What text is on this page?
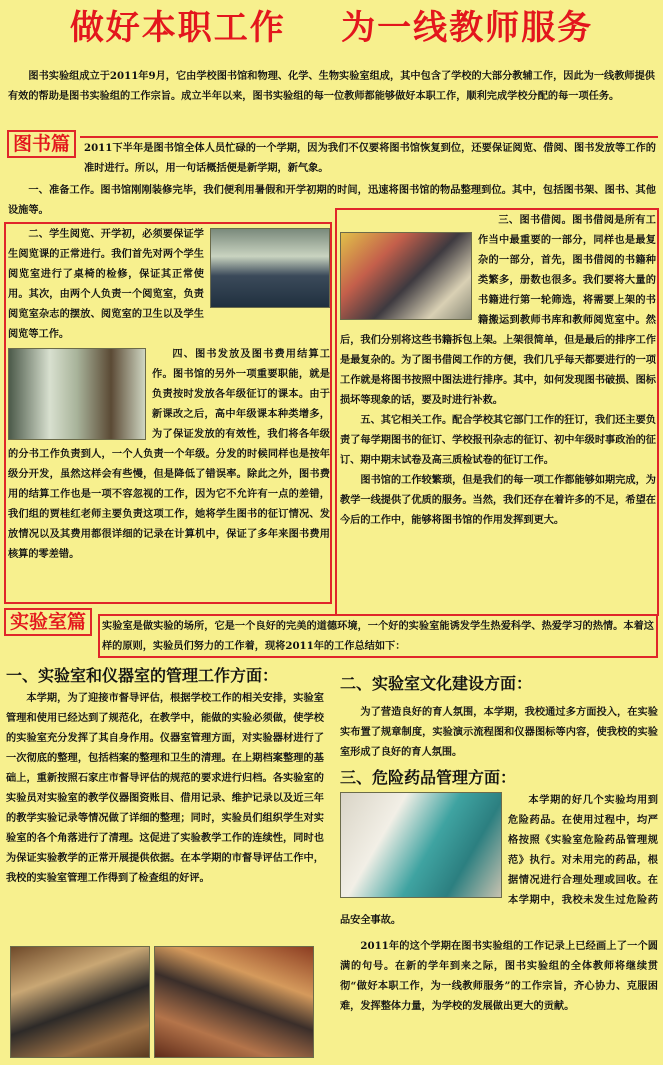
做好本职工作    为一线教师服务

图书实验组成立于2011年9月，它由学校图书馆和物理、化学、生物实验室组成，其中包含了学校的大部分教辅工作，因此为一线教师提供有效的帮助是图书实验组的工作宗旨。成立半年以来，图书实验组的每一位教师都能够做好本职工作，顺利完成学校分配的每一项任务。

图书篇	2011下半年是图书馆全体人员忙碌的一个学期，因为我们不仅要将图书馆恢复到位，还要保证阅览、借阅、图书发放等工作的准时进行。所以，用一句话概括便是新学期，新气象。

一、准备工作。图书馆刚刚装修完毕，我们便利用暑假和开学初期的时间，迅速将图书馆的物品整理到位。其中，包括图书架、图书、其他设施等。

二、学生阅览、开学初，必须要保证学生阅览课的正常进行。我们首先对两个学生阅览室进行了桌椅的检修，保证其正常使用。其次，由两个人负责一个阅览室，负责阅览室杂志的摆放、阅览室的卫生以及学生阅览等工作。

四、图书发放及图书费用结算工作。图书馆的另外一项重要职能，就是负责按时发放各年级征订的课本。由于新课改之后，高中年级课本种类增多，为了保证发放的有效性，我们将各年级的分书工作负责到人，一个人负责一个年级。分发的时候同样也是按年级分开发，虽然这样会有些慢，但是降低了错误率。除此之外，图书费用的结算工作也是一项不容忽视的工作，因为它不允许有一点的差错，我们组的贾桂红老师主要负责这项工作，她将学生图书的征订情况、发放情况以及其费用都很详细的记录在计算机中，保证了多年来图书费用核算的零差错。

三、图书借阅。图书借阅是所有工作当中最重要的一部分，同样也是最复杂的一部分，首先，图书借阅的书籍种类繁多，册数也很多。我们要将大量的书籍进行第一轮筛选，将需要上架的书籍搬运到教师书库和教师阅览室中。然后，我们分别将这些书籍拆包上架。上架很简单，但是最后的排序工作是最复杂的。为了图书借阅工作的方便，我们几乎每天都要进行的一项工作就是将图书按照中图法进行排序。其中，如何发现图书破损、图标损坏等现象的话，要及时进行补救。

五、其它相关工作。配合学校其它部门工作的狂订，我们还主要负责了每学期图书的征订、学校报刊杂志的征订、初中年级时事政治的征订、期中期末试卷及高三质检试卷的征订工作。

图书馆的工作较繁琐，但是我们的每一项工作都能够如期完成，为教学一线提供了优质的服务。当然，我们还存在着许多的不足，希望在今后的工作中，能够将图书馆的作用发挥到更大。

实验室篇	实验室是做实验的场所，它是一个良好的完美的道德环境，一个好的实验室能诱发学生热爱科学、热爱学习的热情。本着这样的原则，实验员们努力的工作着，现将2011年的工作总结如下：

一、实验室和仪器室的管理工作方面：

本学期，为了迎接市督导评估，根据学校工作的相关安排，实验室管理和使用已经达到了规范化，在教学中，能做的实验必须做，使学校的实验室充分发挥了其自身作用。仪器室管理方面，对实验器材进行了一次彻底的整理，包括档案的整理和卫生的清理。在上期档案整理的基础上，重新按照石家庄市督导评估的规范的要求进行归档。各实验室的实验员对实验室的教学仪器图资账目、借用记录、维护记录以及近三年的教学实验记录等情况做了详细的整理；同时，实验员们组织学生对实验室的各个角落进行了清理。这促进了实验教学工作的连续性，同时也为保证实验教学的正常开展提供依据。在本学期的市督导评估工作中，我校的实验室管理工作得到了检查组的好评。

二、实验室文化建设方面：

为了营造良好的育人氛围，本学期，我校通过多方面投入，在实验实布置了规章制度，实验演示流程图和仪器图标等内容，使我校的实验室形成了良好的育人氛围。

三、危险药品管理方面：

本学期的好几个实验均用到危险药品。在使用过程中，均严格按照《实验室危险药品管理规范》执行。对未用完的药品，根据情况进行合理处理或回收。在本学期中，我校未发生过危险药品安全事故。

2011年的这个学期在图书实验组的工作记录上已经画上了一个圆满的句号。在新的学年到来之际，图书实验组的全体教师将继续贯彻“做好本职工作，为一线教师服务”的工作宗旨，齐心协力、克服困难，发挥整体力量，为学校的发展做出更大的贡献。
